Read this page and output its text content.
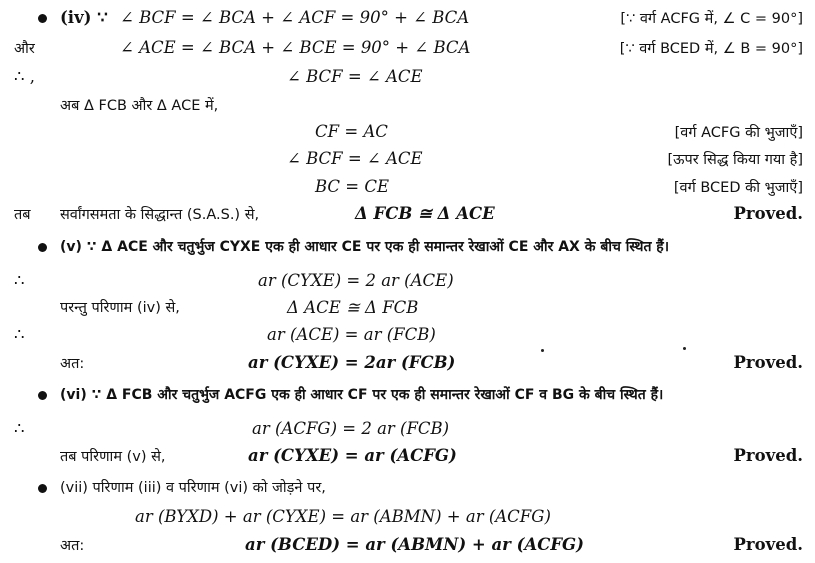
(iv) ∵ ∠ BCF = ∠ BCA + ∠ ACF = 90° + ∠ BCA	[∵ वर्ग ACFG में, ∠ C = 90°]
और	∠ ACE = ∠ BCA + ∠ BCE = 90° + ∠ BCA	[∵ वर्ग BCED में, ∠ B = 90°]
∴ ,	∠ BCF = ∠ ACE
अब Δ FCB और Δ ACE में,
CF = AC	[वर्ग ACFG की भुजाएँ]
∠ BCF = ∠ ACE	[ऊपर सिद्ध किया गया है]
BC = CE	[वर्ग BCED की भुजाएँ]
तब सर्वांगसमता के सिद्धान्त (S.A.S.) से,	Δ FCB ≅ Δ ACE	Proved.
(v) ∵ Δ ACE और चतुर्भुज CYXE एक ही आधार CE पर एक ही समान्तर रेखाओं CE और AX के बीच स्थित हैं।
∴	ar (CYXE) = 2 ar (ACE)
परन्तु परिणाम (iv) से,	Δ ACE ≅ Δ FCB
∴	ar (ACE) = ar (FCB)
अत:	ar (CYXE) = 2ar (FCB)	Proved.
(vi) ∵ Δ FCB और चतुर्भुज ACFG एक ही आधार CF पर एक ही समान्तर रेखाओं CF व BG के बीच स्थित हैं।
∴	ar (ACFG) = 2 ar (FCB)
तब परिणाम (v) से,	ar (CYXE) = ar (ACFG)	Proved.
(vii) परिणाम (iii) व परिणाम (vi) को जोड़ने पर,
ar (BYXD) + ar (CYXE) = ar (ABMN) + ar (ACFG)
अत:	ar (BCED) = ar (ABMN) + ar (ACFG)	Proved.
